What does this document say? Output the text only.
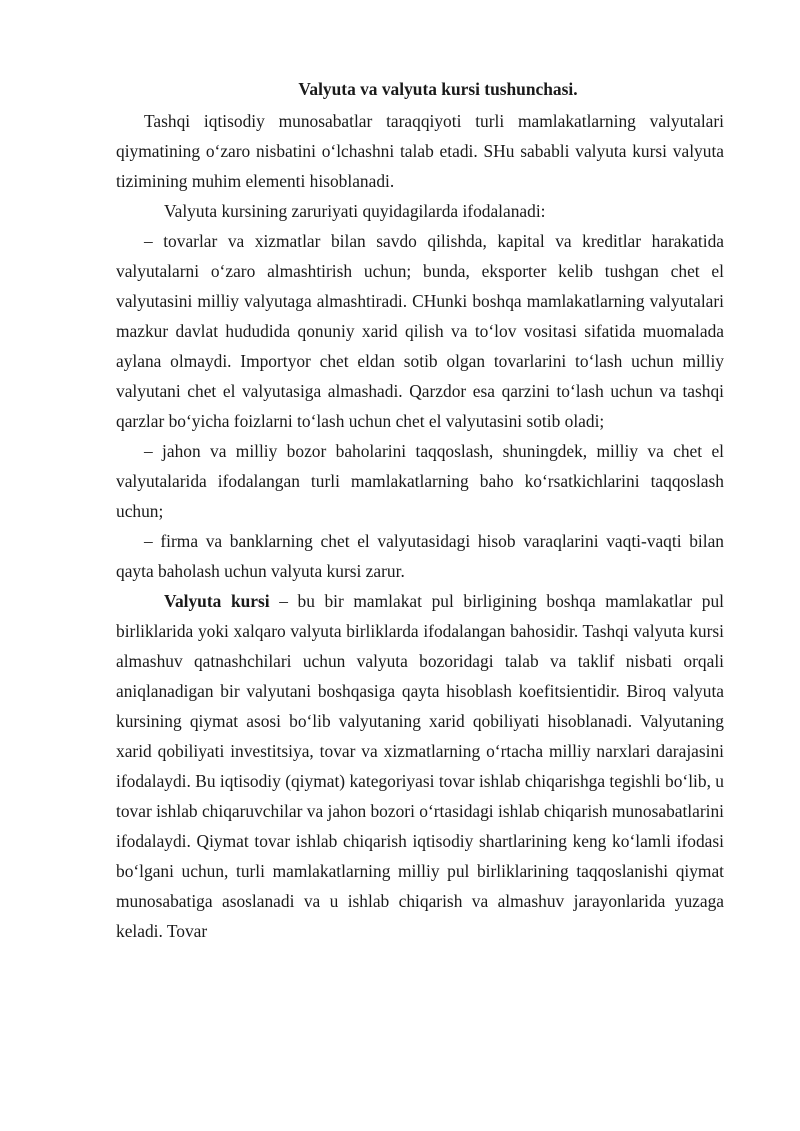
Valyuta va valyuta kursi tushunchasi.

Tashqi iqtisodiy munosabatlar taraqqiyoti turli mamlakatlarning valyutalari qiymatining o‘zaro nisbatini o‘lchashni talab etadi. SHu sababli valyuta kursi valyuta tizimining muhim elementi hisoblanadi.

Valyuta kursining zaruriyati quyidagilarda ifodalanadi:

– tovarlar va xizmatlar bilan savdo qilishda, kapital va kreditlar harakatida valyutalarni o‘zaro almashtirish uchun; bunda, eksporter kelib tushgan chet el valyutasini milliy valyutaga almashtiradi. CHunki boshqa mamlakatlarning valyutalari mazkur davlat hududida qonuniy xarid qilish va to‘lov vositasi sifatida muomalada aylana olmaydi. Importyor chet eldan sotib olgan tovarlarini to‘lash uchun milliy valyutani chet el valyutasiga almashadi. Qarzdor esa qarzini to‘lash uchun va tashqi qarzlar bo‘yicha foizlarni to‘lash uchun chet el valyutasini sotib oladi;

– jahon va milliy bozor baholarini taqqoslash, shuningdek, milliy va chet el valyutalarida ifodalangan turli mamlakatlarning baho ko‘rsatkichlarini taqqoslash uchun;

– firma va banklarning chet el valyutasidagi hisob varaqlarini vaqti-vaqti bilan qayta baholash uchun valyuta kursi zarur.

Valyuta kursi – bu bir mamlakat pul birligining boshqa mamlakatlar pul birliklarida yoki xalqaro valyuta birliklarda ifodalangan bahosidir. Tashqi valyuta kursi almashuv qatnashchilari uchun valyuta bozoridagi talab va taklif nisbati orqali aniqlanadigan bir valyutani boshqasiga qayta hisoblash koefitsientidir. Biroq valyuta kursining qiymat asosi bo‘lib valyutaning xarid qobiliyati hisoblanadi. Valyutaning xarid qobiliyati investitsiya, tovar va xizmatlarning o‘rtacha milliy narxlari darajasini ifodalaydi. Bu iqtisodiy (qiymat) kategoriyasi tovar ishlab chiqarishga tegishli bo‘lib, u tovar ishlab chiqaruvchilar va jahon bozori o‘rtasidagi ishlab chiqarish munosabatlarini ifodalaydi. Qiymat tovar ishlab chiqarish iqtisodiy shartlarining keng ko‘lamli ifodasi bo‘lgani uchun, turli mamlakatlarning milliy pul birliklarining taqqoslanishi qiymat munosabatiga asoslanadi va u ishlab chiqarish va almashuv jarayonlarida yuzaga keladi. Tovar
